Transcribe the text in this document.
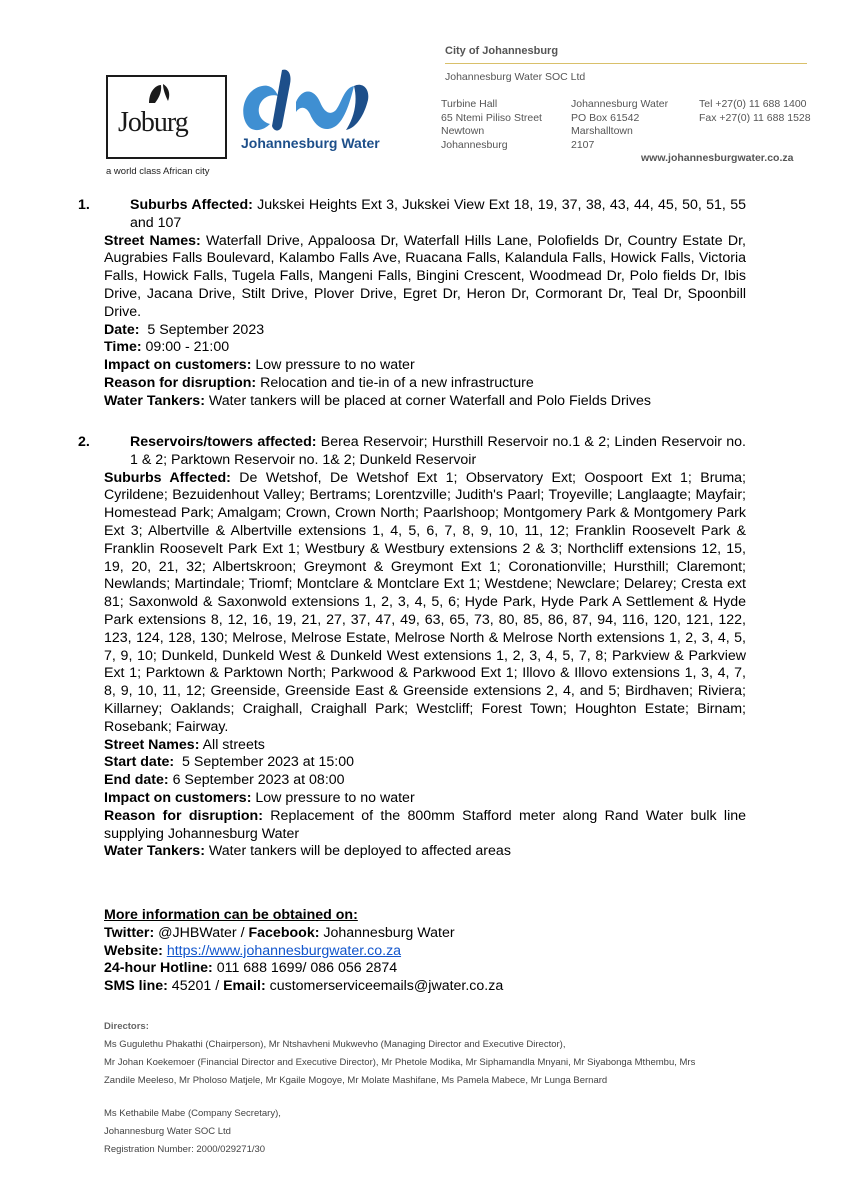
Joburg
a world class African city
Johannesburg Water
City of Johannesburg
Johannesburg Water SOC Ltd
Turbine Hall
65 Ntemi Piliso Street
Newtown
Johannesburg
Johannesburg Water
PO Box 61542
Marshalltown
2107
Tel +27(0) 11 688 1400
Fax +27(0) 11 688 1528
www.johannesburgwater.co.za

1.	Suburbs Affected: Jukskei Heights Ext 3, Jukskei View Ext 18, 19, 37, 38, 43, 44, 45, 50, 51, 55 and 107

Street Names: Waterfall Drive, Appaloosa Dr, Waterfall Hills Lane, Polofields Dr, Country Estate Dr, Augrabies Falls Boulevard, Kalambo Falls Ave, Ruacana Falls, Kalandula Falls, Howick Falls, Victoria Falls, Howick Falls, Tugela Falls, Mangeni Falls, Bingini Crescent, Woodmead Dr, Polo fields Dr, Ibis Drive, Jacana Drive, Stilt Drive, Plover Drive, Egret Dr, Heron Dr, Cormorant Dr, Teal Dr, Spoonbill Drive.

Date:  5 September 2023

Time: 09:00 - 21:00

Impact on customers: Low pressure to no water

Reason for disruption: Relocation and tie-in of a new infrastructure

Water Tankers: Water tankers will be placed at corner Waterfall and Polo Fields Drives

2.	Reservoirs/towers affected: Berea Reservoir; Hursthill Reservoir no.1 & 2; Linden Reservoir no. 1 & 2; Parktown Reservoir no. 1& 2; Dunkeld Reservoir

Suburbs Affected: De Wetshof, De Wetshof Ext 1; Observatory Ext; Oospoort Ext 1; Bruma; Cyrildene; Bezuidenhout Valley; Bertrams; Lorentzville; Judith's Paarl; Troyeville; Langlaagte; Mayfair; Homestead Park; Amalgam; Crown, Crown North; Paarlshoop; Montgomery Park & Montgomery Park Ext 3; Albertville & Albertville extensions 1, 4, 5, 6, 7, 8, 9, 10, 11, 12; Franklin Roosevelt Park & Franklin Roosevelt Park Ext 1; Westbury & Westbury extensions 2 & 3; Northcliff extensions 12, 15, 19, 20, 21, 32; Albertskroon; Greymont & Greymont Ext 1; Coronationville; Hursthill; Claremont; Newlands; Martindale; Triomf; Montclare & Montclare Ext 1; Westdene; Newclare; Delarey; Cresta ext 81; Saxonwold & Saxonwold extensions 1, 2, 3, 4, 5, 6; Hyde Park, Hyde Park A Settlement & Hyde Park extensions 8, 12, 16, 19, 21, 27, 37, 47, 49, 63, 65, 73, 80, 85, 86, 87, 94, 116, 120, 121, 122, 123, 124, 128, 130; Melrose, Melrose Estate, Melrose North & Melrose North extensions 1, 2, 3, 4, 5, 7, 9, 10; Dunkeld, Dunkeld West & Dunkeld West extensions 1, 2, 3, 4, 5, 7, 8; Parkview & Parkview Ext 1; Parktown & Parktown North; Parkwood & Parkwood Ext 1; Illovo & Illovo extensions 1, 3, 4, 7, 8, 9, 10, 11, 12; Greenside, Greenside East & Greenside extensions 2, 4, and 5; Birdhaven; Riviera; Killarney; Oaklands; Craighall, Craighall Park; Westcliff; Forest Town; Houghton Estate; Birnam; Rosebank; Fairway.

Street Names: All streets

Start date:  5 September 2023 at 15:00

End date: 6 September 2023 at 08:00

Impact on customers: Low pressure to no water

Reason for disruption: Replacement of the 800mm Stafford meter along Rand Water bulk line supplying Johannesburg Water

Water Tankers: Water tankers will be deployed to affected areas

More information can be obtained on:

Twitter: @JHBWater / Facebook: Johannesburg Water

Website: https://www.johannesburgwater.co.za

24-hour Hotline: 011 688 1699/ 086 056 2874

SMS line: 45201 / Email: customerserviceemails@jwater.co.za

Directors:
Ms Gugulethu Phakathi (Chairperson), Mr Ntshavheni Mukwevho (Managing Director and Executive Director),
Mr Johan Koekemoer (Financial Director and Executive Director), Mr Phetole Modika, Mr Siphamandla Mnyani, Mr Siyabonga Mthembu, Mrs
Zandile Meeleso, Mr Pholoso Matjele, Mr Kgaile Mogoye, Mr Molate Mashifane, Ms Pamela Mabece, Mr Lunga Bernard
Ms Kethabile Mabe (Company Secretary),
Johannesburg Water SOC Ltd
Registration Number: 2000/029271/30
